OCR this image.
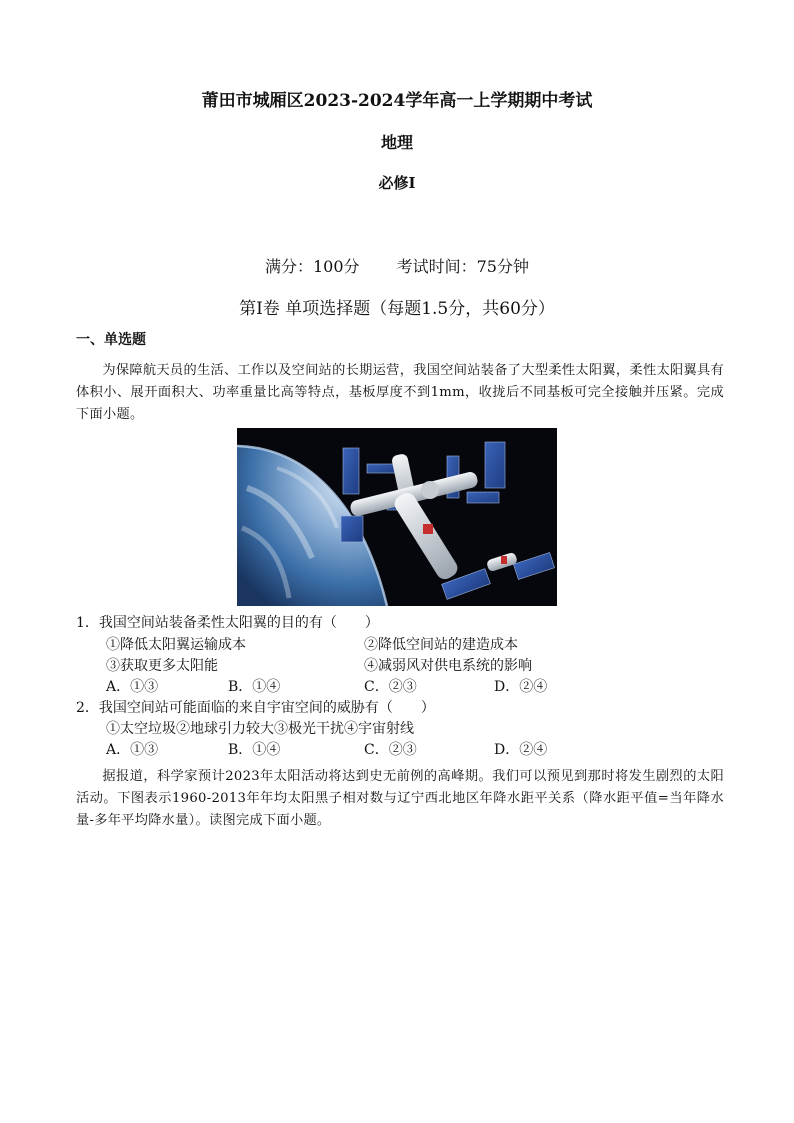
莆田市城厢区2023-2024学年高一上学期期中考试
地理
必修Ⅰ
满分：100分 考试时间：75分钟
第Ⅰ卷 单项选择题（每题1.5分，共60分）
一、单选题
为保障航天员的生活、工作以及空间站的长期运营，我国空间站装备了大型柔性太阳翼，柔性太阳翼具有体积小、展开面积大、功率重量比高等特点，基板厚度不到1mm，收拢后不同基板可完全接触并压紧。完成下面小题。
1．我国空间站装备柔性太阳翼的目的有（　　）
①降低太阳翼运输成本	②降低空间站的建造成本
③获取更多太阳能	④减弱风对供电系统的影响
A．①③	B．①④	C．②③	D．②④
2．我国空间站可能面临的来自宇宙空间的威胁有（　　）
①太空垃圾②地球引力较大③极光干扰④宇宙射线
A．①③	B．①④	C．②③	D．②④
据报道，科学家预计2023年太阳活动将达到史无前例的高峰期。我们可以预见到那时将发生剧烈的太阳活动。下图表示1960-2013年年均太阳黑子相对数与辽宁西北地区年降水距平关系（降水距平值=当年降水量-多年平均降水量）。读图完成下面小题。
